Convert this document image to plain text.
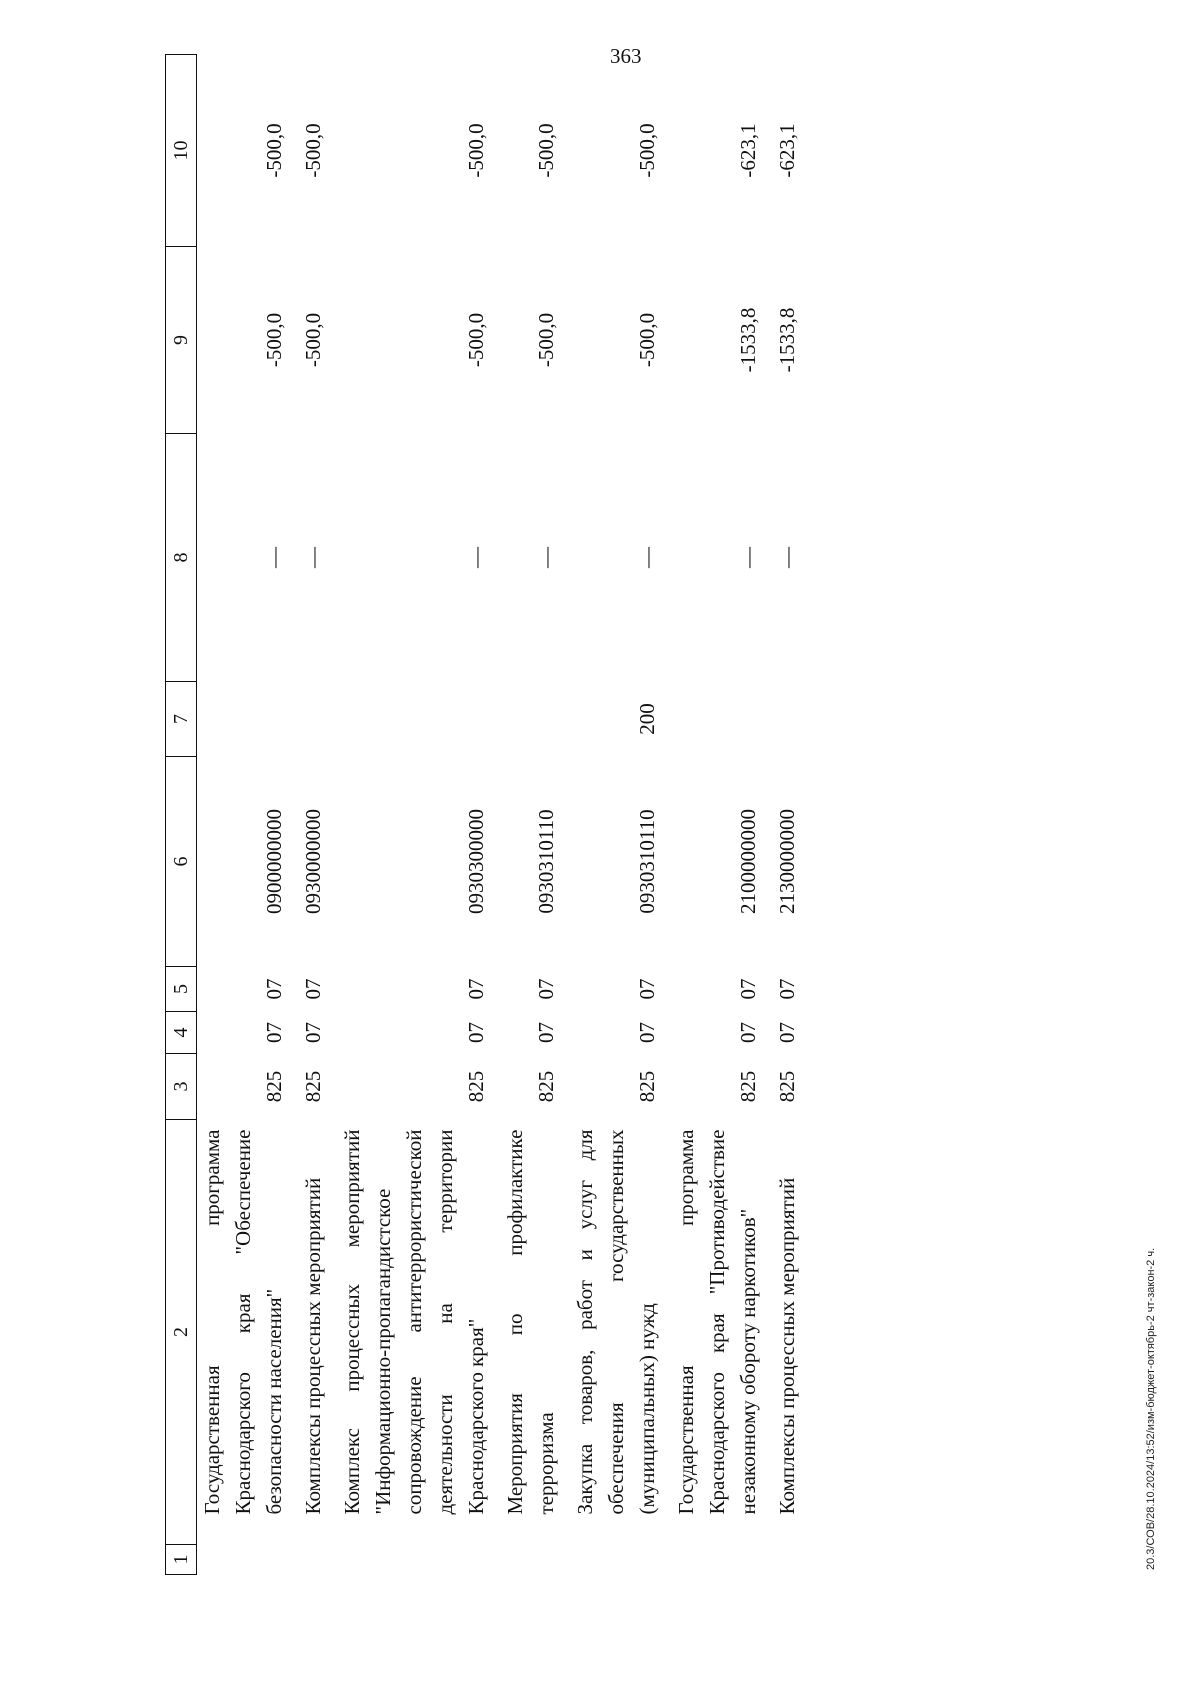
363
20.3/СОВ/28.10.2024/13:52/изм-бюджет-октябрь-2 чт-закон-2 ч.
1	2	3	4	5	6	7	8	9	10
	Государственная программа Краснодарского края "Обеспечение безопасности населения"	825	07	07	0900000000		—	-500,0	-500,0
	Комплексы процессных мероприятий	825	07	07	0930000000		—	-500,0	-500,0
	Комплекс процессных мероприятий "Информационно-пропагандистское сопровождение антитеррористической деятельности на территории Краснодарского края"	825	07	07	0930300000		—	-500,0	-500,0
	Мероприятия по профилактике терроризма	825	07	07	0930310110		—	-500,0	-500,0
	Закупка товаров, работ и услуг для обеспечения государственных (муниципальных) нужд	825	07	07	0930310110	200	—	-500,0	-500,0
	Государственная программа Краснодарского края "Противодействие незаконному обороту наркотиков"	825	07	07	2100000000		—	-1533,8	-623,1
	Комплексы процессных мероприятий	825	07	07	2130000000		—	-1533,8	-623,1
